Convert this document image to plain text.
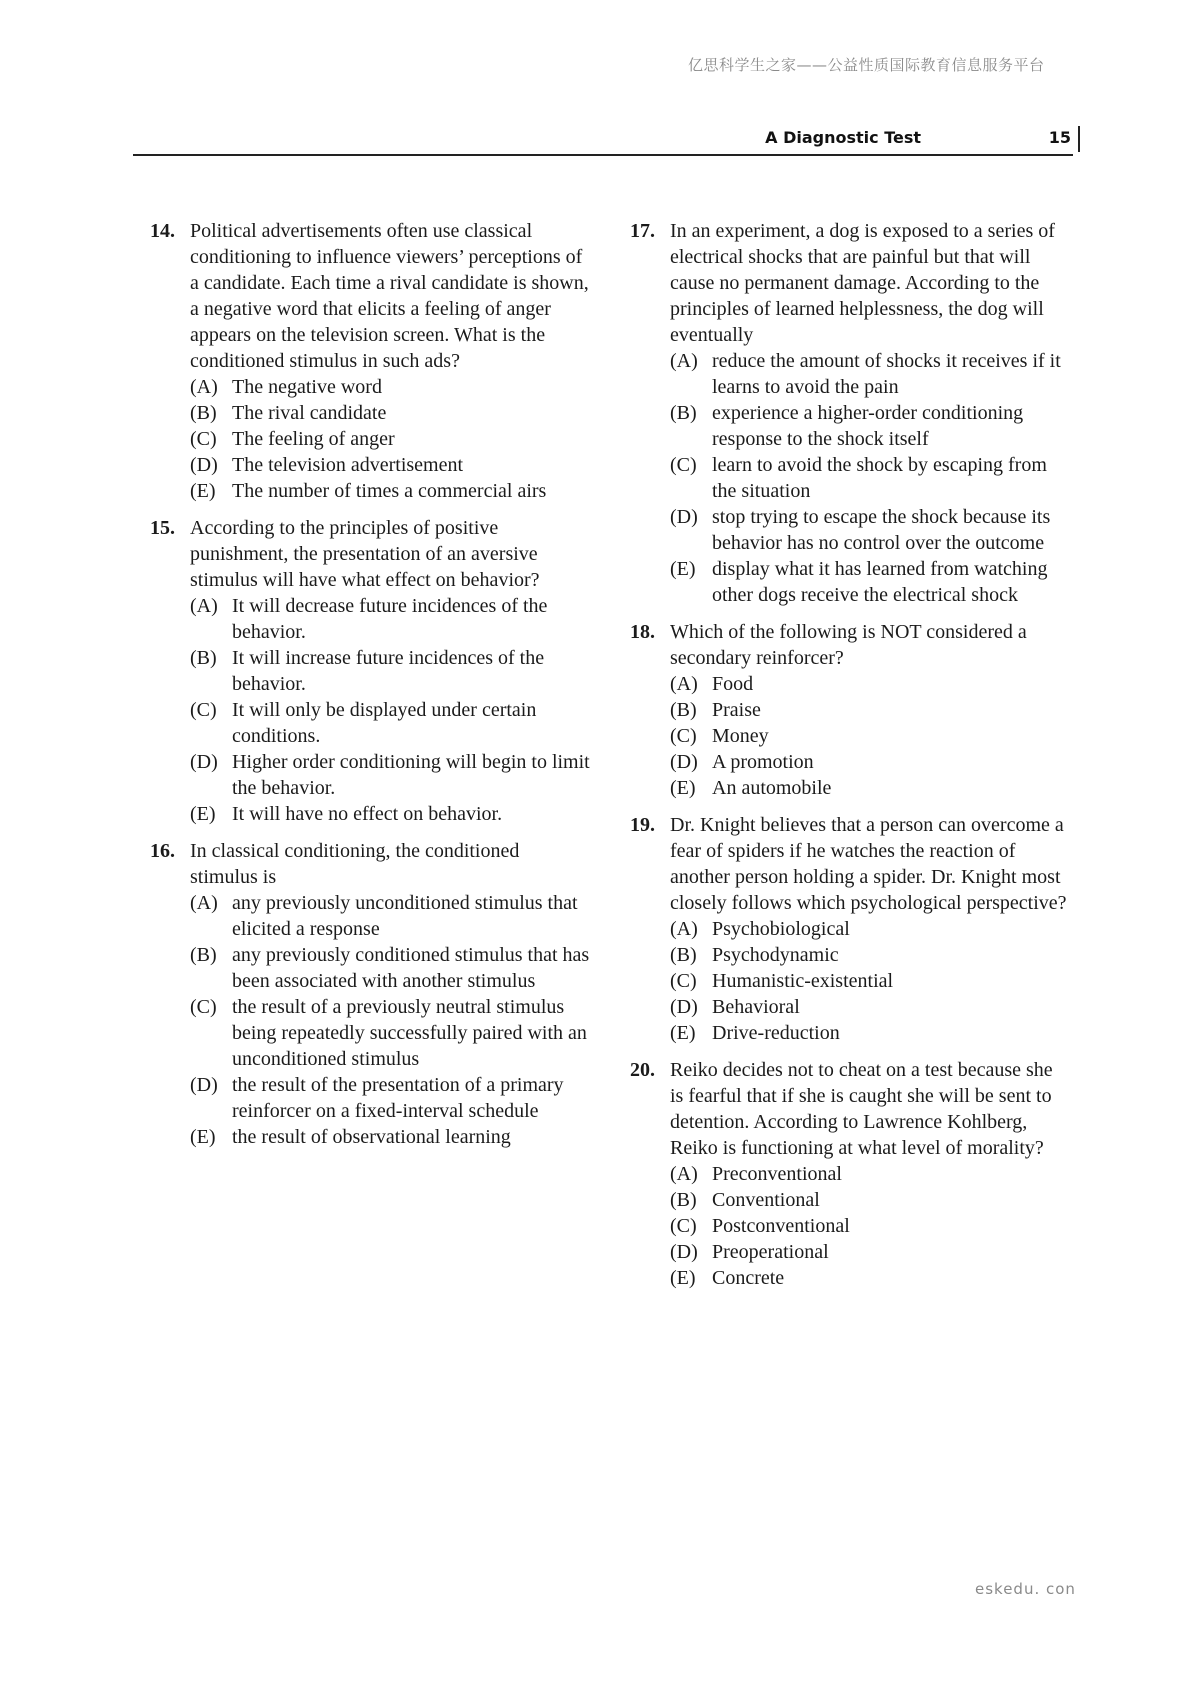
亿思科学生之家——公益性质国际教育信息服务平台
A Diagnostic Test	15

14. Political advertisements often use classical conditioning to influence viewers’ perceptions of a candidate. Each time a rival candidate is shown, a negative word that elicits a feeling of anger appears on the television screen. What is the conditioned stimulus in such ads?

(A) The negative word
(B) The rival candidate
(C) The feeling of anger
(D) The television advertisement
(E) The number of times a commercial airs

15. According to the principles of positive punishment, the presentation of an aversive stimulus will have what effect on behavior?

(A) It will decrease future incidences of the behavior.
(B) It will increase future incidences of the behavior.
(C) It will only be displayed under certain conditions.
(D) Higher order conditioning will begin to limit the behavior.
(E) It will have no effect on behavior.

16. In classical conditioning, the conditioned stimulus is

(A) any previously unconditioned stimulus that elicited a response
(B) any previously conditioned stimulus that has been associated with another stimulus
(C) the result of a previously neutral stimulus being repeatedly successfully paired with an unconditioned stimulus
(D) the result of the presentation of a primary reinforcer on a fixed-interval schedule
(E) the result of observational learning

17. In an experiment, a dog is exposed to a series of electrical shocks that are painful but that will cause no permanent damage. According to the principles of learned helplessness, the dog will eventually

(A) reduce the amount of shocks it receives if it learns to avoid the pain
(B) experience a higher-order conditioning response to the shock itself
(C) learn to avoid the shock by escaping from the situation
(D) stop trying to escape the shock because its behavior has no control over the outcome
(E) display what it has learned from watching other dogs receive the electrical shock

18. Which of the following is NOT considered a secondary reinforcer?

(A) Food
(B) Praise
(C) Money
(D) A promotion
(E) An automobile

19. Dr. Knight believes that a person can overcome a fear of spiders if he watches the reaction of another person holding a spider. Dr. Knight most closely follows which psychological perspective?

(A) Psychobiological
(B) Psychodynamic
(C) Humanistic-existential
(D) Behavioral
(E) Drive-reduction

20. Reiko decides not to cheat on a test because she is fearful that if she is caught she will be sent to detention. According to Lawrence Kohlberg, Reiko is functioning at what level of morality?

(A) Preconventional
(B) Conventional
(C) Postconventional
(D) Preoperational
(E) Concrete
eskedu. con
